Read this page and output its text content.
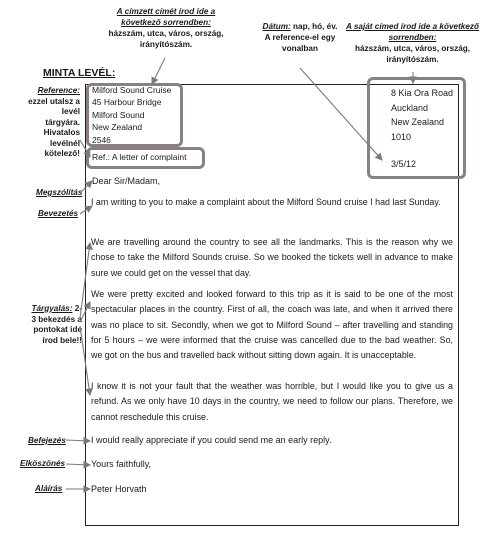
A címzett címét írod ide a következő sorrendben:
házszám, utca, város, ország, irányítószám.
Dátum: nap, hó, év. A reference-el egy vonalban
A saját címed írod ide a következő sorrendben:
házszám, utca, város, ország, irányítószám.
MINTA LEVÉL:
Reference: ezzel utalsz a levél tárgyára. Hivatalos levélnél kötelező!
Megszólítás
Bevezetés
Tárgyalás: 2-3 bekezdés a pontokat ide írod bele!!
Befejezés
Elköszönés
Aláírás
Milford Sound Cruise
45 Harbour Bridge
Milford Sound
New Zealand
2546
8 Kia Ora Road
Auckland
New Zealand
1010
3/5/12
Ref.: A letter of complaint
Dear Sir/Madam,
I am writing to you to make a complaint about the Milford Sound cruise I had last Sunday.
We are travelling around the country to see all the landmarks. This is the reason why we chose to take the Milford Sounds cruise. So we booked the tickets well in advance to make sure we could get on the vessel that day.
We were pretty excited and looked forward to this trip as it is said to be one of the most spectacular places in the country. First of all, the coach was late, and when it arrived there was no place to sit. Secondly, when we got to Milford Sound – after travelling and standing for 5 hours – we were informed that the cruise was cancelled due to the bad weather. So, we got on the bus and travelled back without sitting down again. It is unacceptable.
I know it is not your fault that the weather was horrible, but I would like you to give us a refund. As we only have 10 days in the country, we need to follow our plans. Therefore, we cannot reschedule this cruise.
I would really appreciate if you could send me an early reply.
Yours faithfully,
Peter Horvath
